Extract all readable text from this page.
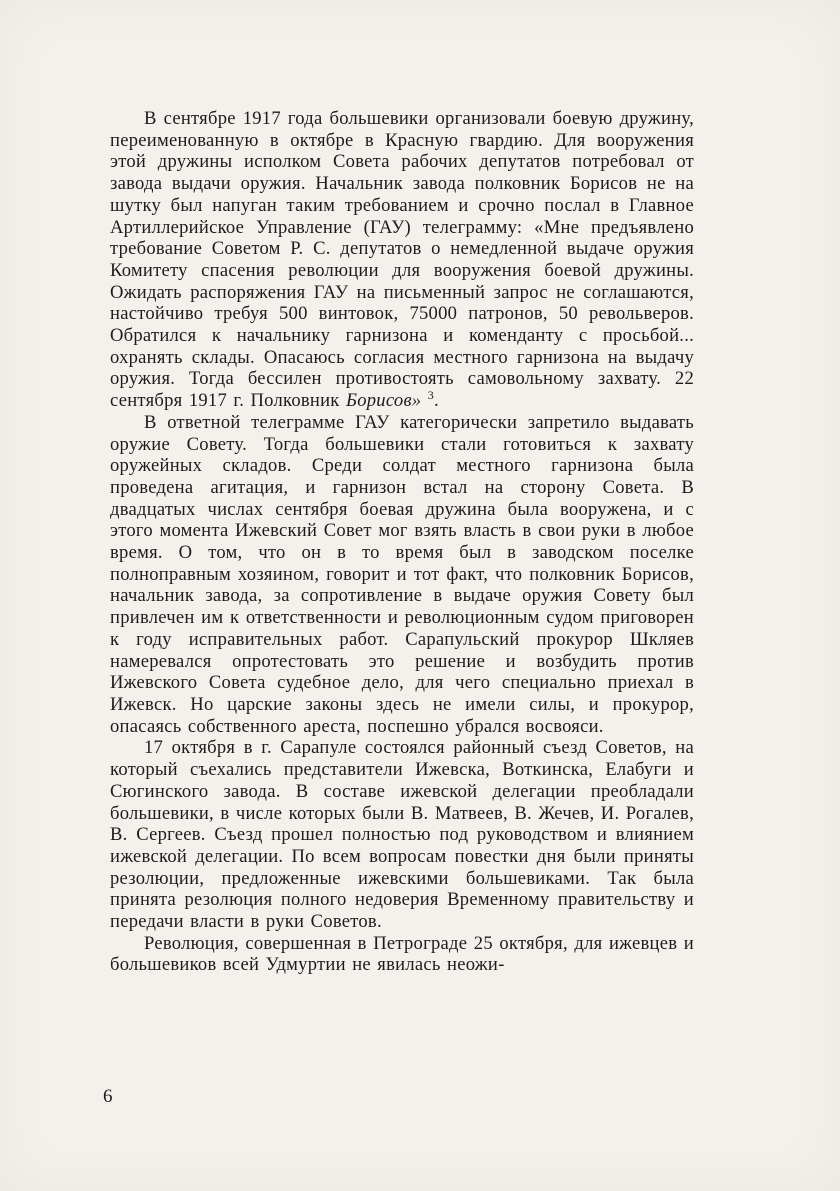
В сентябре 1917 года большевики организовали боевую дружину, переименованную в октябре в Красную гвардию. Для вооружения этой дружины исполком Совета рабочих депутатов потребовал от завода выдачи оружия. Начальник завода полковник Борисов не на шутку был напуган таким требованием и срочно послал в Главное Артиллерийское Управление (ГАУ) телеграмму: «Мне предъявлено требование Советом Р. С. депутатов о немедленной выдаче оружия Комитету спасения революции для вооружения боевой дружины. Ожидать распоряжения ГАУ на письменный запрос не соглашаются, настойчиво требуя 500 винтовок, 75000 патронов, 50 револьверов. Обратился к начальнику гарнизона и коменданту с просьбой... охранять склады. Опасаюсь согласия местного гарнизона на выдачу оружия. Тогда бессилен противостоять самовольному захвату. 22 сентября 1917 г. Полковник Борисов» $^3$.

В ответной телеграмме ГАУ категорически запретило выдавать оружие Совету. Тогда большевики стали готовиться к захвату оружейных складов. Среди солдат местного гарнизона была проведена агитация, и гарнизон встал на сторону Совета. В двадцатых числах сентября боевая дружина была вооружена, и с этого момента Ижевский Совет мог взять власть в свои руки в любое время. О том, что он в то время был в заводском поселке полноправным хозяином, говорит и тот факт, что полковник Борисов, начальник завода, за сопротивление в выдаче оружия Совету был привлечен им к ответственности и революционным судом приговорен к году исправительных работ. Сарапульский прокурор Шкляев намеревался опротестовать это решение и возбудить против Ижевского Совета судебное дело, для чего специально приехал в Ижевск. Но царские законы здесь не имели силы, и прокурор, опасаясь собственного ареста, поспешно убрался восвояси.

17 октября в г. Сарапуле состоялся районный съезд Советов, на который съехались представители Ижевска, Воткинска, Елабуги и Сюгинского завода. В составе ижевской делегации преобладали большевики, в числе которых были В. Матвеев, В. Жечев, И. Рогалев, В. Сергеев. Съезд прошел полностью под руководством и влиянием ижевской делегации. По всем вопросам повестки дня были приняты резолюции, предложенные ижевскими большевиками. Так была принята резолюция полного недоверия Временному правительству и передачи власти в руки Советов.

Революция, совершенная в Петрограде 25 октября, для ижевцев и большевиков всей Удмуртии не явилась неожи-

6
